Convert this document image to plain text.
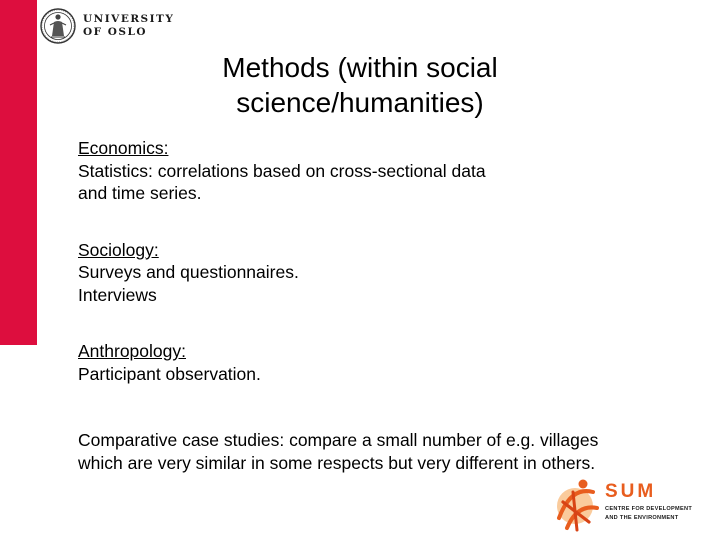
UNIVERSITY
OF OSLO
Methods (within social
science/humanities)
Economics:
Statistics: correlations based on cross-sectional data
and time series.
Sociology:
Surveys and questionnaires.
Interviews
Anthropology:
Participant observation.
Comparative case studies: compare a small number of e.g. villages
which are very similar in some respects but very different in others.
SUM
CENTRE FOR DEVELOPMENT
AND THE ENVIRONMENT
